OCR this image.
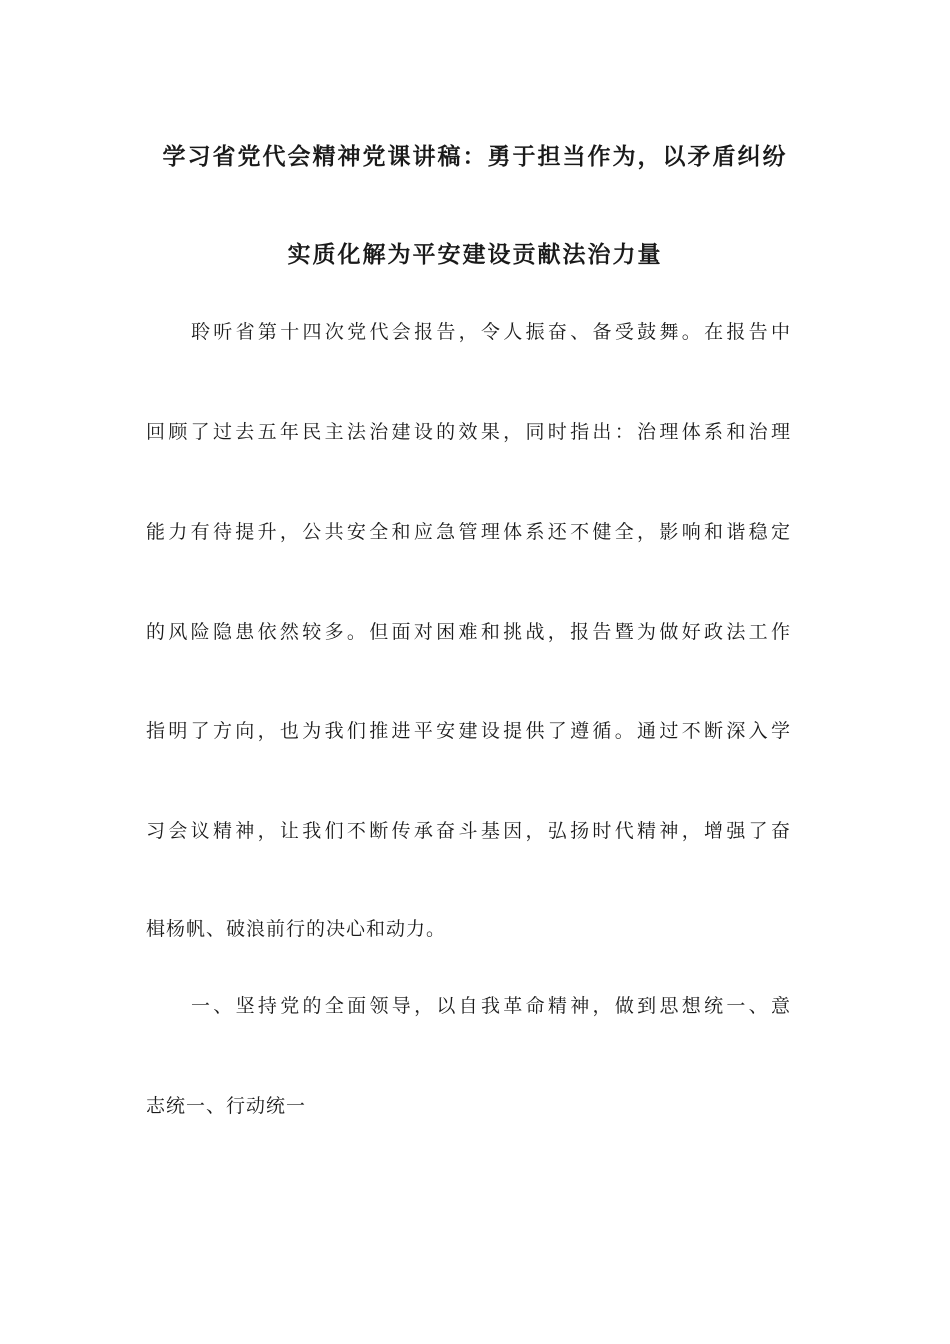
学习省党代会精神党课讲稿：勇于担当作为，以矛盾纠纷
实质化解为平安建设贡献法治力量
聆听省第十四次党代会报告，令人振奋、备受鼓舞。在报告中
回顾了过去五年民主法治建设的效果，同时指出：治理体系和治理
能力有待提升，公共安全和应急管理体系还不健全，影响和谐稳定
的风险隐患依然较多。但面对困难和挑战，报告暨为做好政法工作
指明了方向，也为我们推进平安建设提供了遵循。通过不断深入学
习会议精神，让我们不断传承奋斗基因，弘扬时代精神，增强了奋
楫杨帆、破浪前行的决心和动力。
一、坚持党的全面领导，以自我革命精神，做到思想统一、意
志统一、行动统一
